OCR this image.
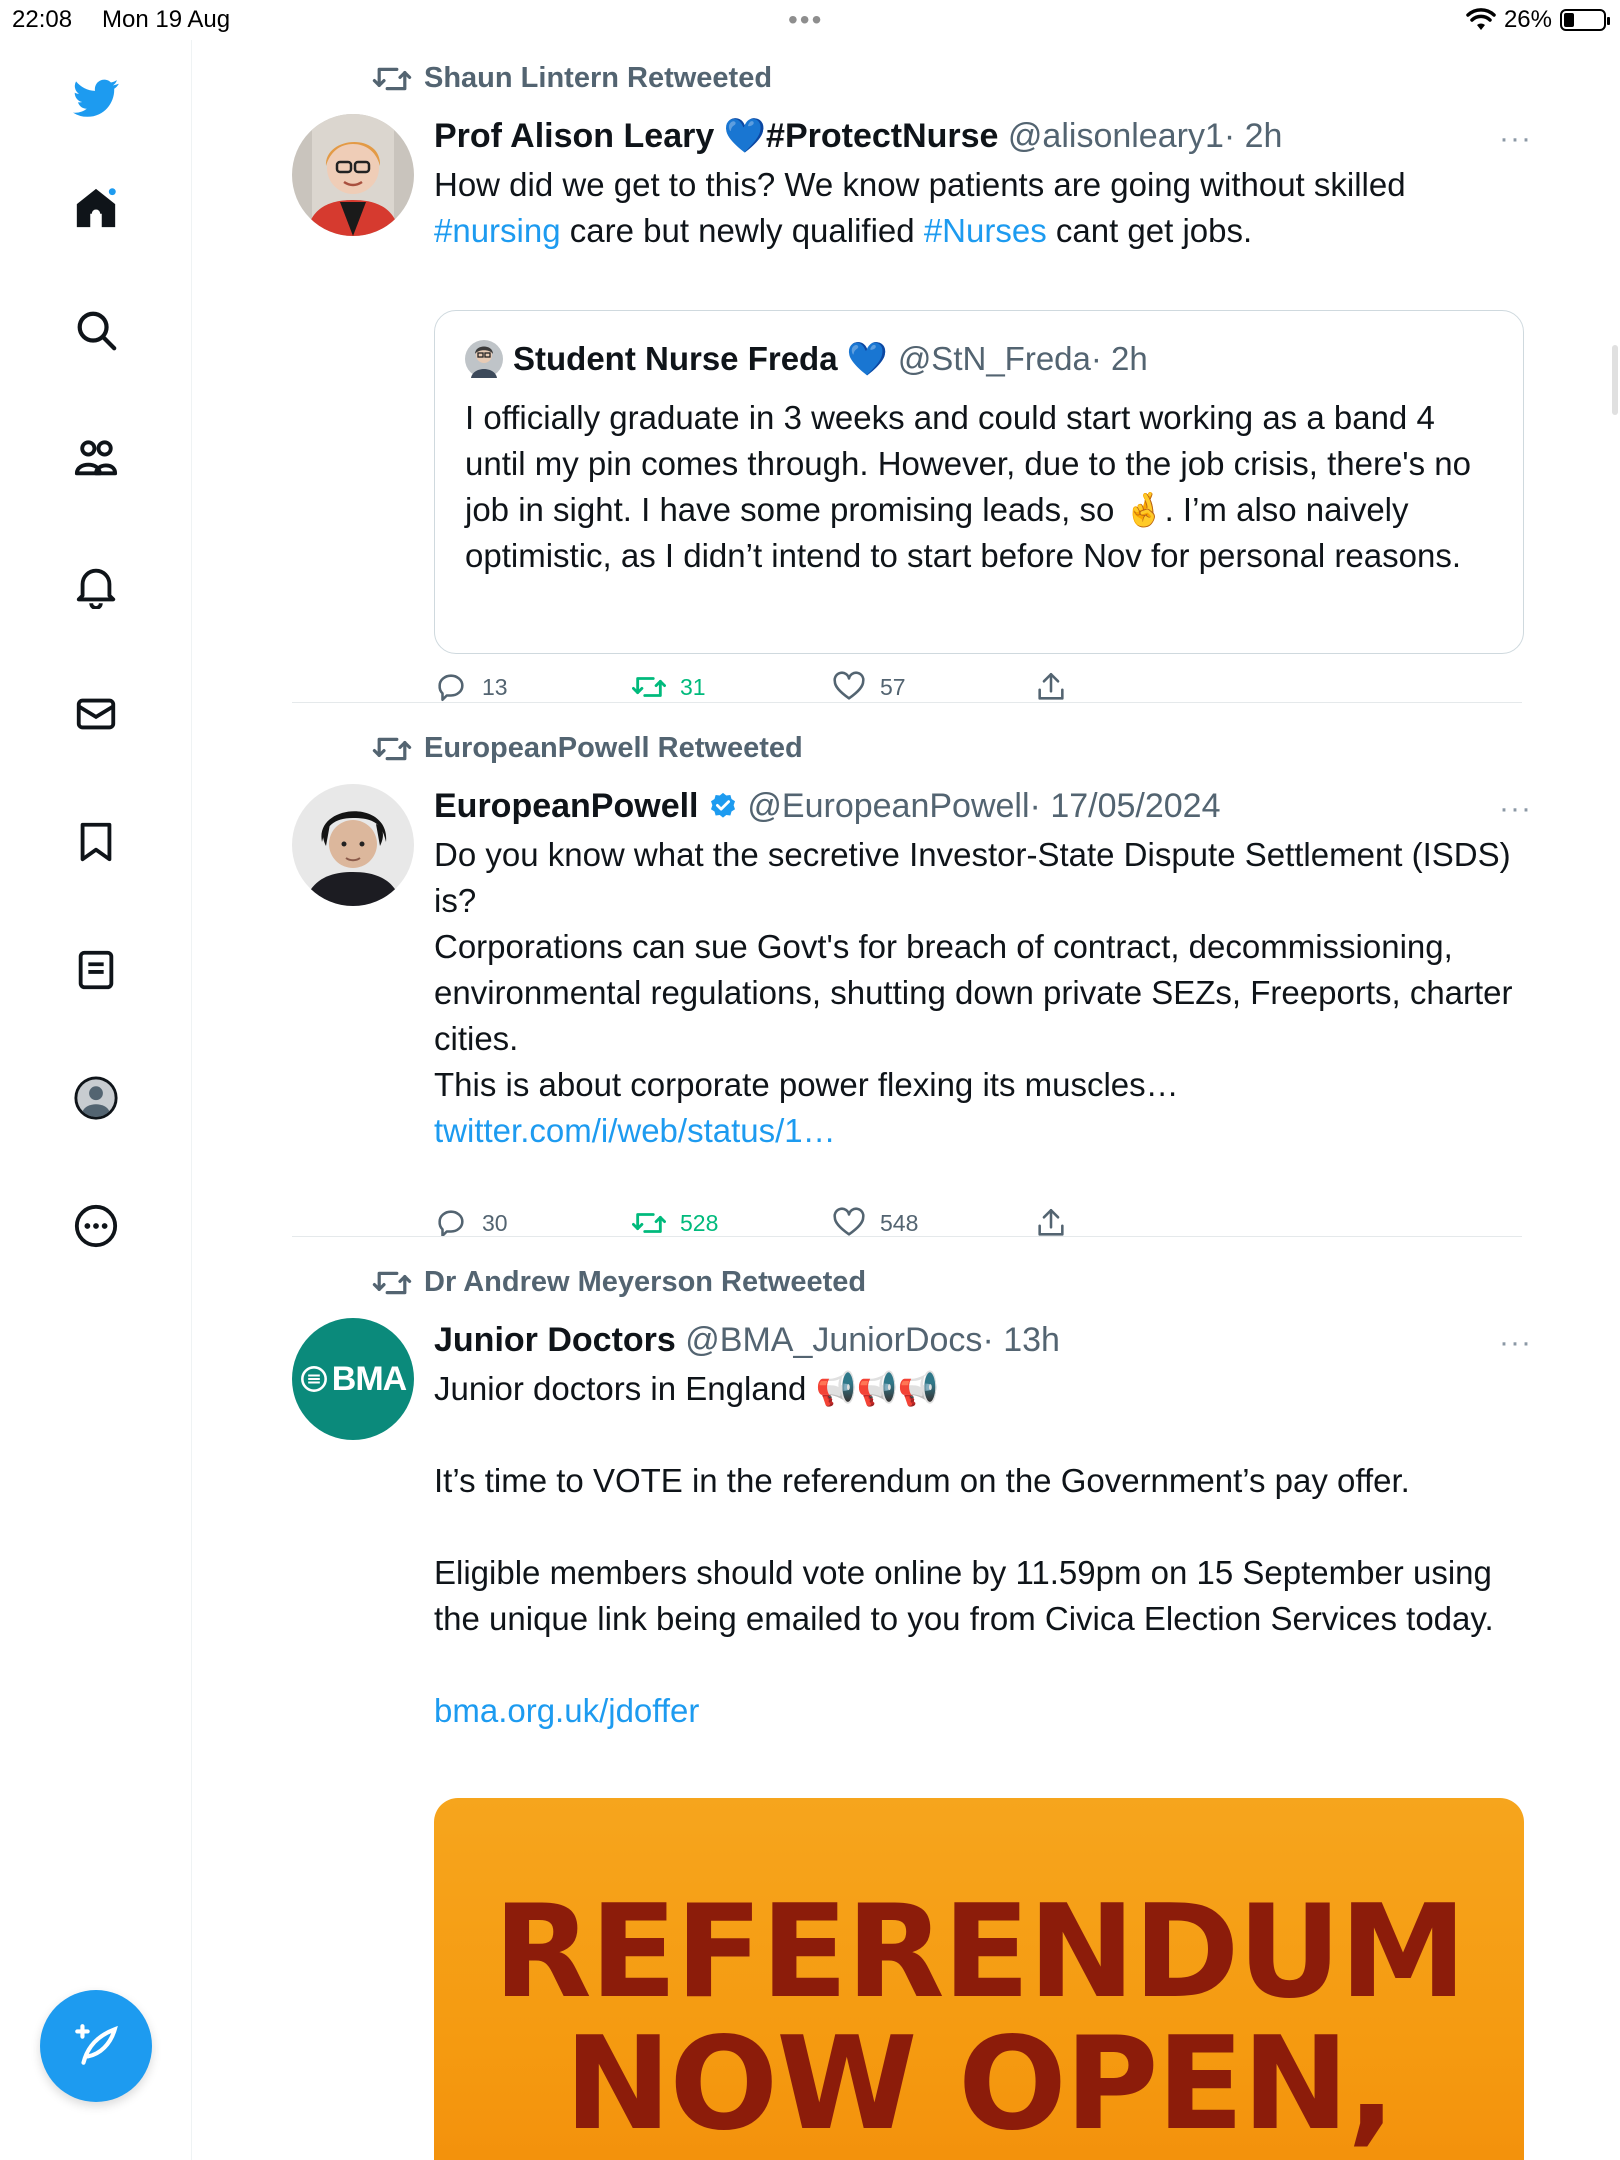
22:08 Mon 19 Aug	•••	26%
Shaun Lintern Retweeted
Prof Alison Leary 💙#ProtectNurse @alisonleary1· 2h	···
How did we get to this? We know patients are going without skilled #nursing care but newly qualified #Nurses cant get jobs.
Student Nurse Freda 💙 @StN_Freda · 2h
I officially graduate in 3 weeks and could start working as a band 4 until my pin comes through. However, due to the job crisis, there's no job in sight. I have some promising leads, so 🤞. I’m also naively optimistic, as I didn’t intend to start before Nov for personal reasons.
13	31	57
EuropeanPowell Retweeted
EuropeanPowell @EuropeanPowell· 17/05/2024	···
Do you know what the secretive Investor-State Dispute Settlement (ISDS) is?
Corporations can sue Govt's for breach of contract, decommissioning, environmental regulations, shutting down private SEZs, Freeports, charter cities.
This is about corporate power flexing its muscles… twitter.com/i/web/status/1…
30	528	548
Dr Andrew Meyerson Retweeted
BMA
Junior Doctors @BMA_JuniorDocs· 13h	···
Junior doctors in England 📢📢📢

It’s time to VOTE in the referendum on the Government’s pay offer.

Eligible members should vote online by 11.59pm on 15 September using the unique link being emailed to you from Civica Election Services today.

bma.org.uk/jdoffer
REFERENDUM
NOW OPEN,
